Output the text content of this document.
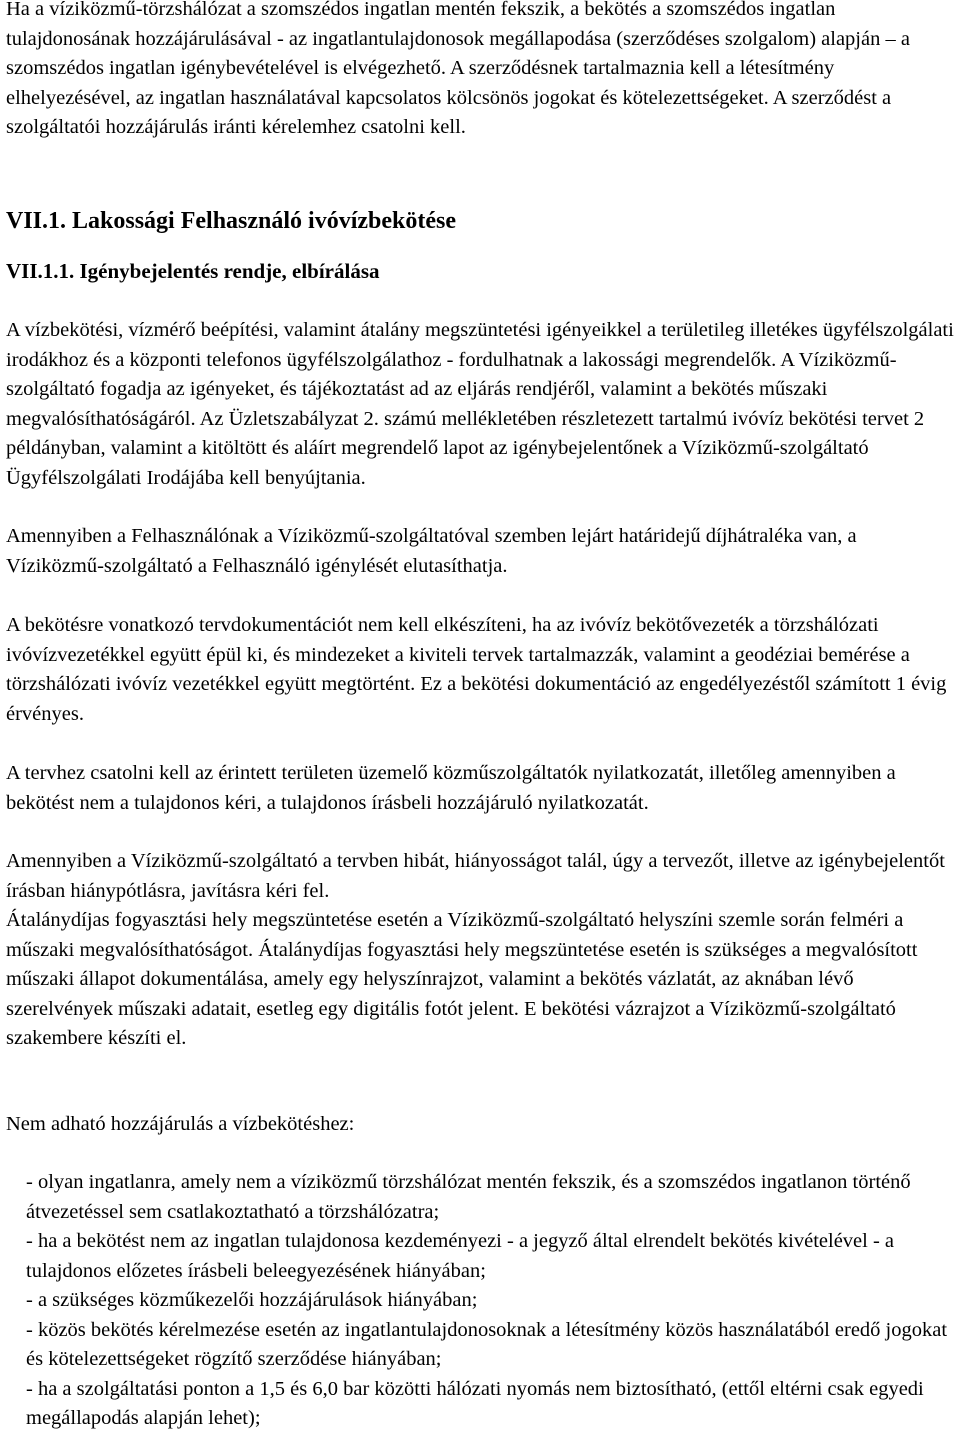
Ha a víziközmű-törzshálózat a szomszédos ingatlan mentén fekszik, a bekötés a szomszédos ingatlan tulajdonosának hozzájárulásával - az ingatlantulajdonosok megállapodása (szerződéses szolgalom) alapján – a szomszédos ingatlan igénybevételével is elvégezhető. A szerződésnek tartalmaznia kell a létesítmény elhelyezésével, az ingatlan használatával kapcsolatos kölcsönös jogokat és kötelezettségeket. A szerződést a szolgáltatói hozzájárulás iránti kérelemhez csatolni kell.

VII.1. Lakossági Felhasználó ivóvízbekötése
VII.1.1. Igénybejelentés rendje, elbírálása

A vízbekötési, vízmérő beépítési, valamint átalány megszüntetési igényeikkel a területileg illetékes ügyfélszolgálati irodákhoz és a központi telefonos ügyfélszolgálathoz - fordulhatnak a lakossági megrendelők. A Víziközmű-szolgáltató fogadja az igényeket, és tájékoztatást ad az eljárás rendjéről, valamint a bekötés műszaki megvalósíthatóságáról. Az Üzletszabályzat 2. számú mellékletében részletezett tartalmú ivóvíz bekötési tervet 2 példányban, valamint a kitöltött és aláírt megrendelő lapot az igénybejelentőnek a Víziközmű-szolgáltató Ügyfélszolgálati Irodájába kell benyújtania.

Amennyiben a Felhasználónak a Víziközmű-szolgáltatóval szemben lejárt határidejű díjhátraléka van, a Víziközmű-szolgáltató a Felhasználó igénylését elutasíthatja.

A bekötésre vonatkozó tervdokumentációt nem kell elkészíteni, ha az ivóvíz bekötővezeték a törzshálózati ivóvízvezetékkel együtt épül ki, és mindezeket a kiviteli tervek tartalmazzák, valamint a geodéziai bemérése a törzshálózati ivóvíz vezetékkel együtt megtörtént. Ez a bekötési dokumentáció az engedélyezéstől számított 1 évig érvényes.

A tervhez csatolni kell az érintett területen üzemelő közműszolgáltatók nyilatkozatát, illetőleg amennyiben a bekötést nem a tulajdonos kéri, a tulajdonos írásbeli hozzájáruló nyilatkozatát.

Amennyiben a Víziközmű-szolgáltató a tervben hibát, hiányosságot talál, úgy a tervezőt, illetve az igénybejelentőt írásban hiánypótlásra, javításra kéri fel.

Átalánydíjas fogyasztási hely megszüntetése esetén a Víziközmű-szolgáltató helyszíni szemle során felméri a műszaki megvalósíthatóságot. Átalánydíjas fogyasztási hely megszüntetése esetén is szükséges a megvalósított műszaki állapot dokumentálása, amely egy helyszínrajzot, valamint a bekötés vázlatát, az aknában lévő szerelvények műszaki adatait, esetleg egy digitális fotót jelent. E bekötési vázrajzot a Víziközmű-szolgáltató szakembere készíti el.

Nem adható hozzájárulás a vízbekötéshez:

- olyan ingatlanra, amely nem a víziközmű törzshálózat mentén fekszik, és a szomszédos ingatlanon történő átvezetéssel sem csatlakoztatható a törzshálózatra;
- ha a bekötést nem az ingatlan tulajdonosa kezdeményezi - a jegyző által elrendelt bekötés kivételével - a tulajdonos előzetes írásbeli beleegyezésének hiányában;
- a szükséges közműkezelői hozzájárulások hiányában;
- közös bekötés kérelmezése esetén az ingatlantulajdonosoknak a létesítmény közös használatából eredő jogokat és kötelezettségeket rögzítő szerződése hiányában;
- ha a szolgáltatási ponton a 1,5 és 6,0 bar közötti hálózati nyomás nem biztosítható, (ettől eltérni csak egyedi megállapodás alapján lehet);
